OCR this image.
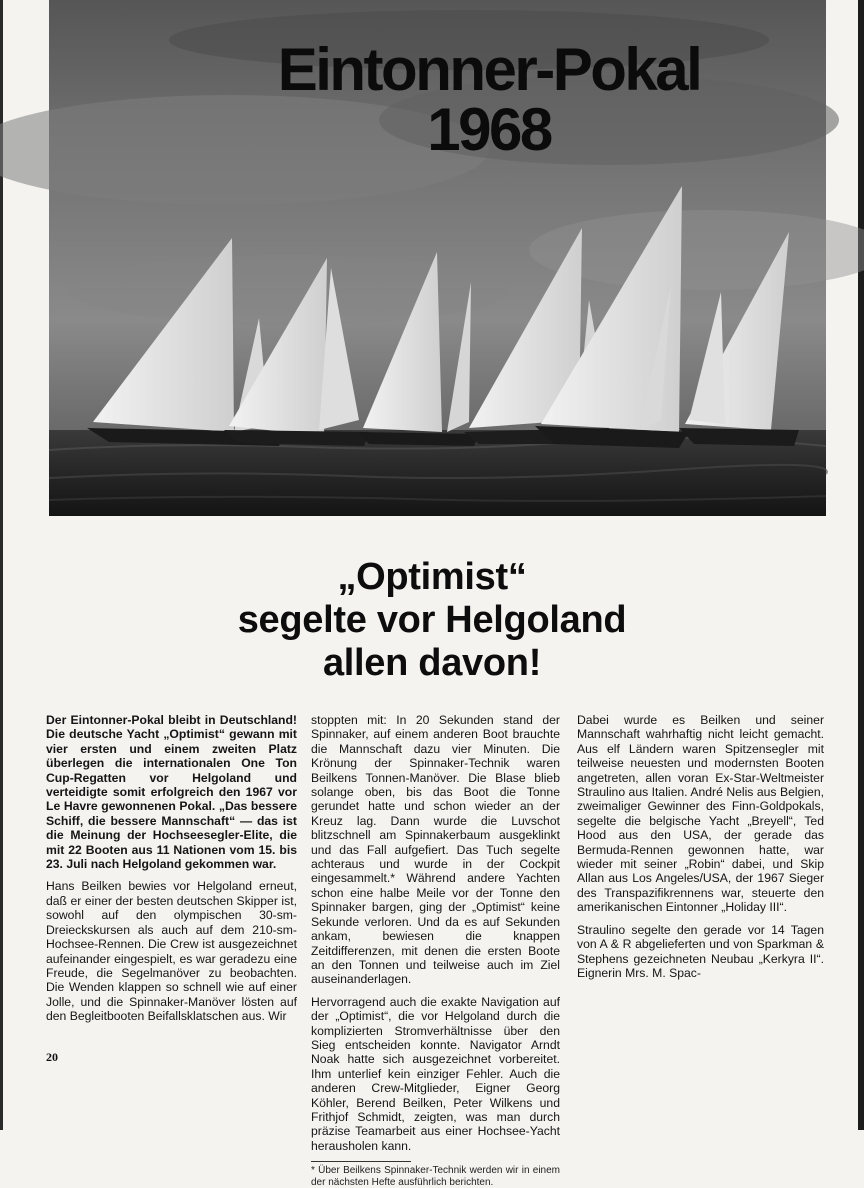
Eintonner-Pokal
1968
„Optimist“
segelte vor Helgoland
allen davon!

Der Eintonner-Pokal bleibt in Deutschland! Die deutsche Yacht „Optimist“ gewann mit vier ersten und einem zweiten Platz überlegen die internationalen One Ton Cup-Regatten vor Helgoland und verteidigte somit erfolgreich den 1967 vor Le Havre gewonnenen Pokal. „Das bessere Schiff, die bessere Mannschaft“ — das ist die Meinung der Hochseesegler-Elite, die mit 22 Booten aus 11 Nationen vom 15. bis 23. Juli nach Helgoland gekommen war.

Hans Beilken bewies vor Helgoland erneut, daß er einer der besten deutschen Skipper ist, sowohl auf den olympischen 30-sm-Dreieckskursen als auch auf dem 210-sm-Hochsee-Rennen. Die Crew ist ausgezeichnet aufeinander eingespielt, es war geradezu eine Freude, die Segelmanöver zu beobachten. Die Wenden klappen so schnell wie auf einer Jolle, und die Spinnaker-Manöver lösten auf den Begleitbooten Beifallsklatschen aus. Wir

stoppten mit: In 20 Sekunden stand der Spinnaker, auf einem anderen Boot brauchte die Mannschaft dazu vier Minuten. Die Krönung der Spinnaker-Technik waren Beilkens Tonnen-Manöver. Die Blase blieb solange oben, bis das Boot die Tonne gerundet hatte und schon wieder an der Kreuz lag. Dann wurde die Luvschot blitzschnell am Spinnakerbaum ausgeklinkt und das Fall aufgefiert. Das Tuch segelte achteraus und wurde in der Cockpit eingesammelt.* Während andere Yachten schon eine halbe Meile vor der Tonne den Spinnaker bargen, ging der „Optimist“ keine Sekunde verloren. Und da es auf Sekunden ankam, bewiesen die knappen Zeitdifferenzen, mit denen die ersten Boote an den Tonnen und teilweise auch im Ziel auseinanderlagen.

Hervorragend auch die exakte Navigation auf der „Optimist“, die vor Helgoland durch die komplizierten Stromverhältnisse über den Sieg entscheiden konnte. Navigator Arndt Noak hatte sich ausgezeichnet vorbereitet. Ihm unterlief kein einziger Fehler. Auch die anderen Crew-Mitglieder, Eigner Georg Köhler, Berend Beilken, Peter Wilkens und Frithjof Schmidt, zeigten, was man durch präzise Teamarbeit aus einer Hochsee-Yacht herausholen kann.

* Über Beilkens Spinnaker-Technik werden wir in einem der nächsten Hefte ausführlich berichten.

Dabei wurde es Beilken und seiner Mannschaft wahrhaftig nicht leicht gemacht. Aus elf Ländern waren Spitzensegler mit teilweise neuesten und modernsten Booten angetreten, allen voran Ex-Star-Weltmeister Straulino aus Italien. André Nelis aus Belgien, zweimaliger Gewinner des Finn-Goldpokals, segelte die belgische Yacht „Breyell“, Ted Hood aus den USA, der gerade das Bermuda-Rennen gewonnen hatte, war wieder mit seiner „Robin“ dabei, und Skip Allan aus Los Angeles/USA, der 1967 Sieger des Transpazifikrennens war, steuerte den amerikanischen Eintonner „Holiday III“.

Straulino segelte den gerade vor 14 Tagen von A & R abgelieferten und von Sparkman & Stephens gezeichneten Neubau „Kerkyra II“. Eignerin Mrs. M. Spac-

20
